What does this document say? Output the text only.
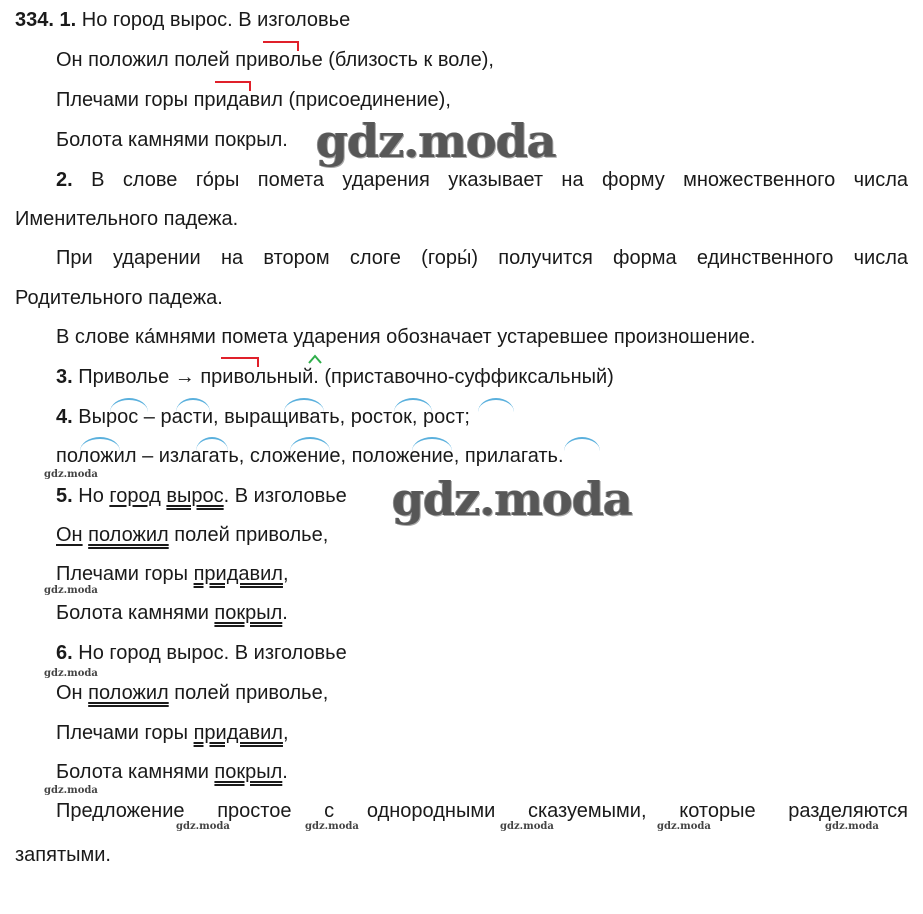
334. 1. Но город вырос. В изголовье
Он положил полей приволье (близость к воле),
Плечами горы придавил (присоединение),
Болота камнями покрыл.
2. В слове го́ры помета ударения указывает на форму множественного числа
Именительного падежа.
При ударении на втором слоге (горы́) получится форма единственного числа
Родительного падежа.
В слове ка́мнями помета ударения обозначает устаревшее произношение.
3. Приволье → привольный. (приставочно-суффиксальный)
4. Вырос – расти, выращивать, росток, рост;
положил – излагать, сложение, положение, прилагать.
5. Но город вырос. В изголовье
Он положил полей приволье,
Плечами горы придавил,
Болота камнями покрыл.
6. Но город вырос. В изголовье
Он положил полей приволье,
Плечами горы придавил,
Болота камнями покрыл.
Предложение простое с однородными сказуемыми, которые разделяются
запятыми.
gdz.moda
gdz.moda
gdz.moda
gdz.moda
gdz.moda
gdz.moda
gdz.moda	gdz.moda	gdz.moda	gdz.moda	gdz.moda
